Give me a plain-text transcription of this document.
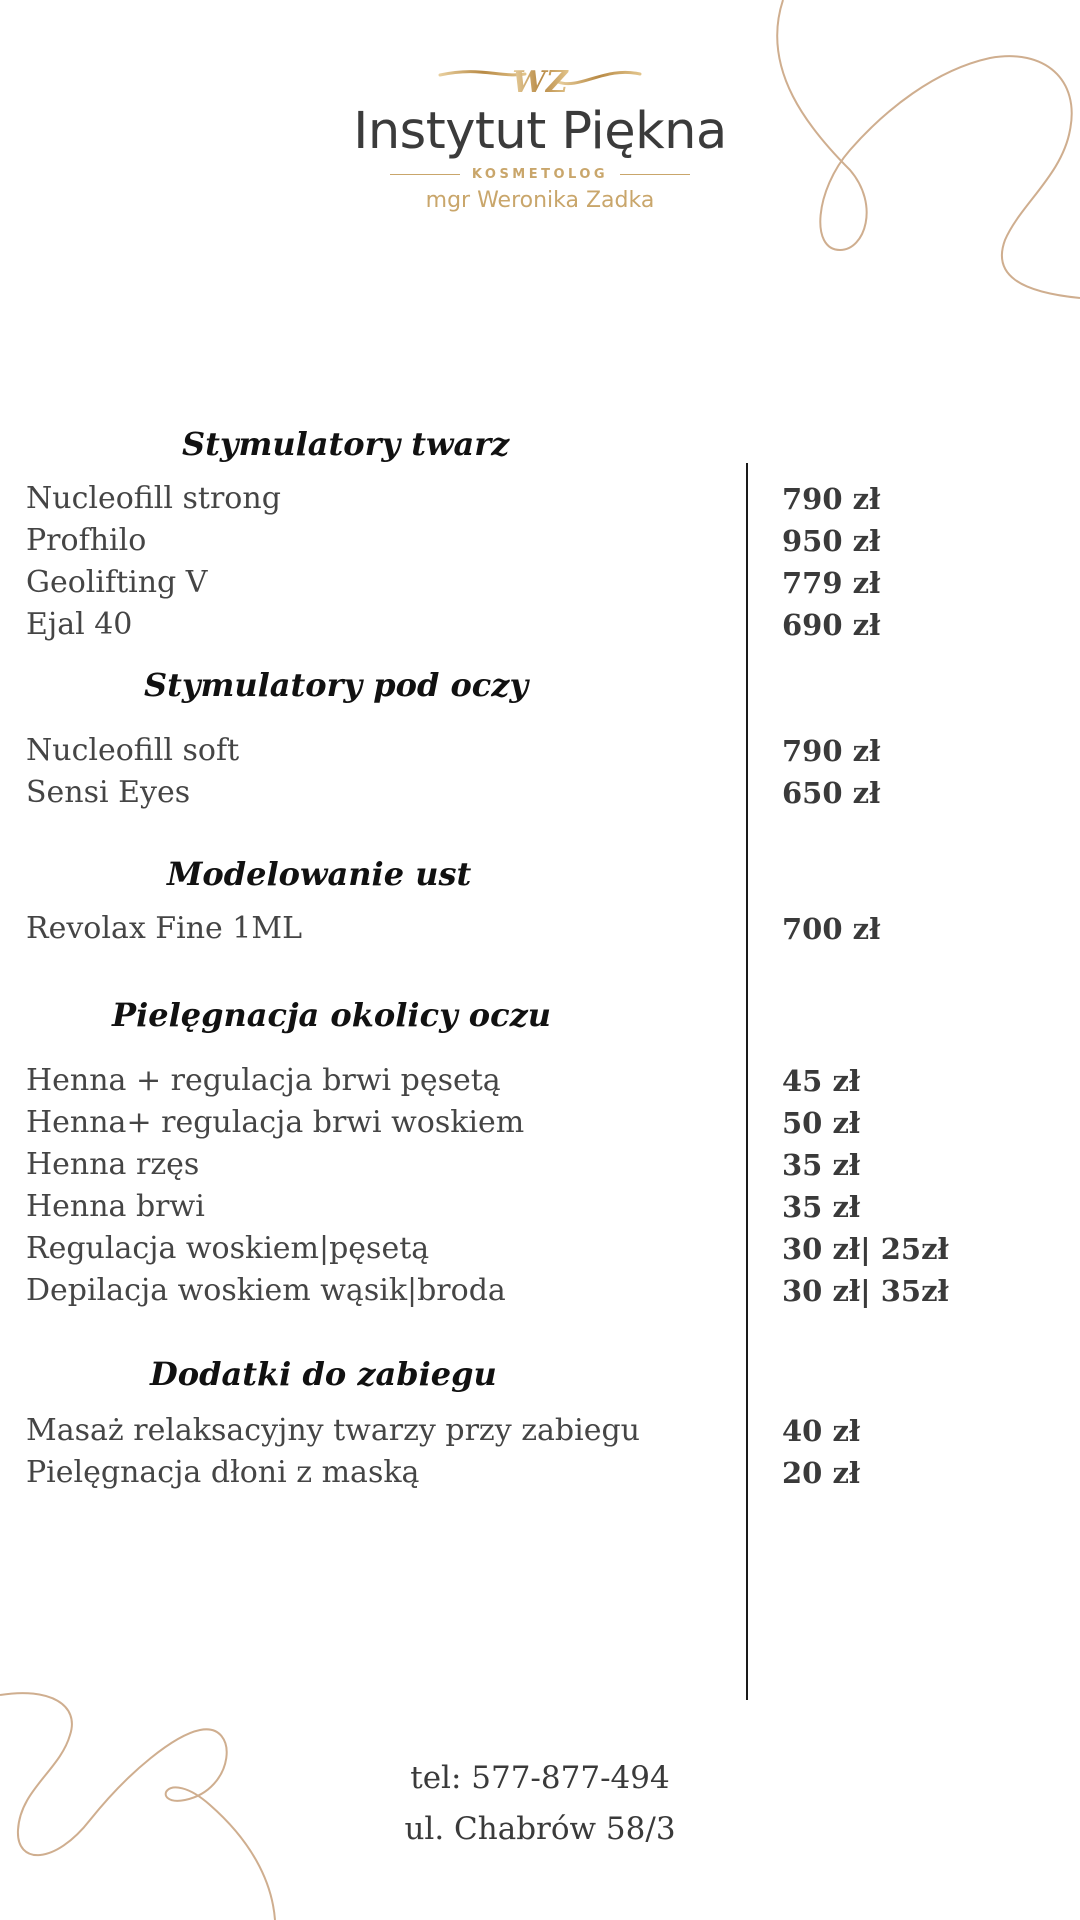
WZ
Instytut Piękna
KOSMETOLOG
mgr Weronika Zadka
Stymulatory twarz
Nucleofill strong	790 zł
Profhilo	950 zł
Geolifting V	779 zł
Ejal 40	690 zł
Stymulatory pod oczy
Nucleofill soft	790 zł
Sensi Eyes	650 zł
Modelowanie ust
Revolax Fine 1ML	700 zł
Pielęgnacja okolicy oczu
Henna + regulacja brwi pęsetą	45 zł
Henna+ regulacja brwi woskiem	50 zł
Henna rzęs	35 zł
Henna brwi	35 zł
Regulacja woskiem|pęsetą	30 zł| 25zł
Depilacja woskiem wąsik|broda	30 zł| 35zł
Dodatki do zabiegu
Masaż relaksacyjny twarzy przy zabiegu	40 zł
Pielęgnacja dłoni z maską	20 zł
tel: 577-877-494
ul. Chabrów 58/3
